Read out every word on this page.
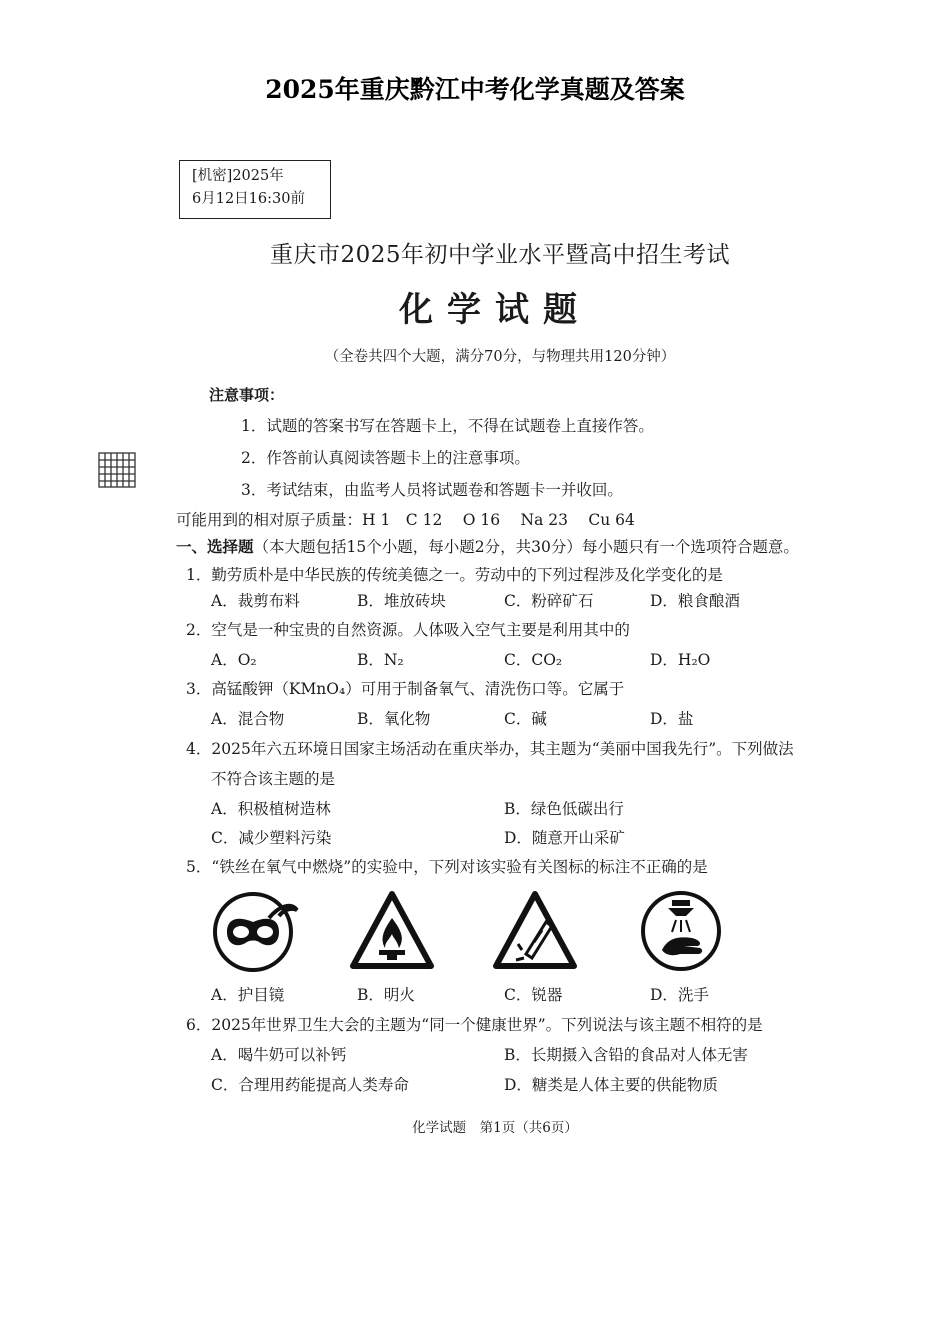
2025年重庆黔江中考化学真题及答案
[机密]2025年
6月12日16:30前
重庆市2025年初中学业水平暨高中招生考试
化学试题
（全卷共四个大题，满分70分，与物理共用120分钟）
注意事项：
1．试题的答案书写在答题卡上，不得在试题卷上直接作答。
2．作答前认真阅读答题卡上的注意事项。
3．考试结束，由监考人员将试题卷和答题卡一并收回。
可能用到的相对原子质量：H 1　C 12　 O 16　 Na 23　 Cu 64
一、选择题（本大题包括15个小题，每小题2分，共30分）每小题只有一个选项符合题意。
1．勤劳质朴是中华民族的传统美德之一。劳动中的下列过程涉及化学变化的是
A．裁剪布料	B．堆放砖块	C．粉碎矿石	D．粮食酿酒
2．空气是一种宝贵的自然资源。人体吸入空气主要是利用其中的
A．O₂	B．N₂	C．CO₂	D．H₂O
3．高锰酸钾（KMnO₄）可用于制备氧气、清洗伤口等。它属于
A．混合物	B．氧化物	C．碱	D．盐
4．2025年六五环境日国家主场活动在重庆举办，其主题为“美丽中国我先行”。下列做法
不符合该主题的是
A．积极植树造林	B．绿色低碳出行
C．减少塑料污染	D．随意开山采矿
5．“铁丝在氧气中燃烧”的实验中，下列对该实验有关图标的标注不正确的是
A．护目镜	B．明火	C．锐器	D．洗手
6．2025年世界卫生大会的主题为“同一个健康世界”。下列说法与该主题不相符的是
A．喝牛奶可以补钙	B．长期摄入含铅的食品对人体无害
C．合理用药能提高人类寿命	D．糖类是人体主要的供能物质
化学试题　第1页（共6页）
